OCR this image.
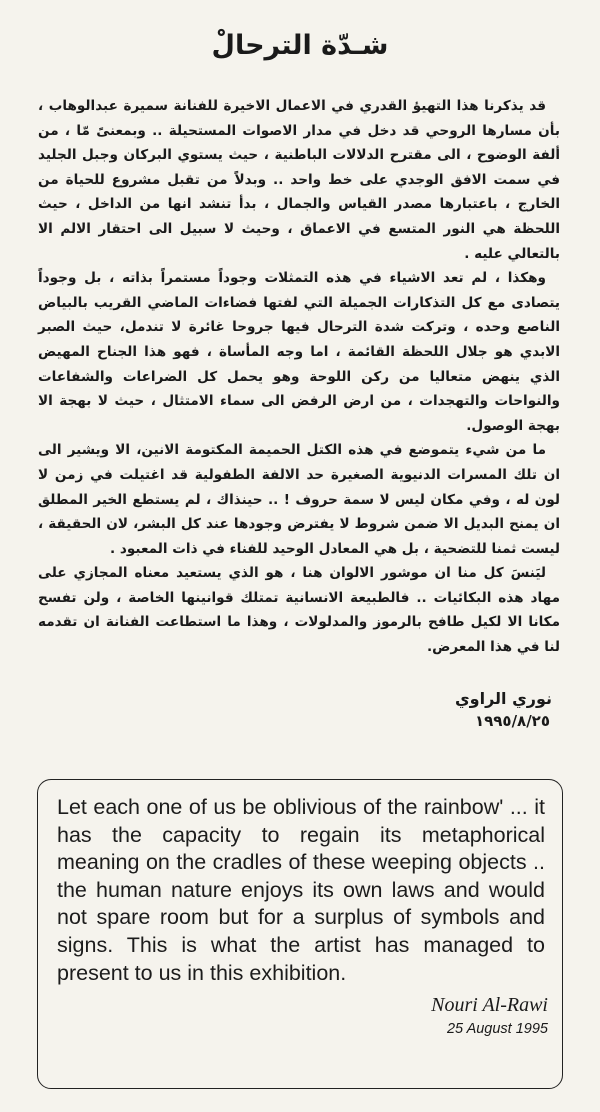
شـدّة الترحالْ

قد يذكرنا هذا التهيؤ القدري في الاعمال الاخيرة للفنانة سميرة عبدالوهاب ، بأن مسارها الروحي قد دخل في مدار الاصوات المستحيلة .. وبمعنىً مّا ، من ألفة الوضوح ، الى مقترح الدلالات الباطنية ، حيث يستوي البركان وجبل الجليد في سمت الافق الوجدي على خط واحد .. وبدلاً من تقبل مشروع للحياة من الخارج ، باعتبارها مصدر القياس والجمال ، بدأ تنشد انها من الداخل ، حيث اللحظة هي النور المتسع في الاعماق ، وحيث لا سبيل الى احتقار الالم الا بالتعالي عليه .

وهكذا ، لم تعد الاشياء في هذه التمثلات وجوداً مستمراً بذاته ، بل وجوداً يتصادى مع كل التذكارات الجميلة التي لفتها فضاءات الماضي القريب بالبياض الناصع وحده ، وتركت شدة الترحال فيها جروحا غائرة لا تندمل، حيث الصبر الابدي هو جلال اللحظة القائمة ، اما وجه المأساة ، فهو هذا الجناح المهيض الذي ينهض متعاليا من ركن اللوحة وهو يحمل كل الضراعات والشفاعات والنواحات والتهجدات ، من ارض الرفض الى سماء الامتثال ، حيث لا بهجة الا بهجة الوصول.

ما من شيء يتموضع في هذه الكتل الحميمة المكتومة الانين، الا ويشير الى ان تلك المسرات الدنيوية الصغيرة حد الالفة الطفولية قد اغتيلت في زمن لا لون له ، وفي مكان ليس لا سمة حروف ! .. حينذاك ، لم يستطع الخير المطلق ان يمنح البديل الا ضمن شروط لا يفترض وجودها عند كل البشر، لان الحقيقة ، ليست ثمنا للتضحية ، بل هي المعادل الوحيد للفناء في ذات المعبود .

ليَنسَ كل منا ان موشور الالوان هنا ، هو الذي يستعيد معناه المجازي على مهاد هذه البكائيات .. فالطبيعة الانسانية تمتلك قوانينها الخاصة ، ولن تفسح مكانا الا لكيل طافح بالرموز والمدلولات ، وهذا ما استطاعت الفنانة ان تقدمه لنا في هذا المعرض.

نوري الراوي
١٩٩٥/٨/٢٥
Let each one of us be oblivious of the rainbow' ... it has the capacity to regain its metaphorical meaning on the cradles of these weeping objects .. the human nature enjoys its own laws and would not spare room but for a surplus of symbols and signs. This is what the artist has managed to present to us in this exhibition.
Nouri Al-Rawi
25 August 1995
